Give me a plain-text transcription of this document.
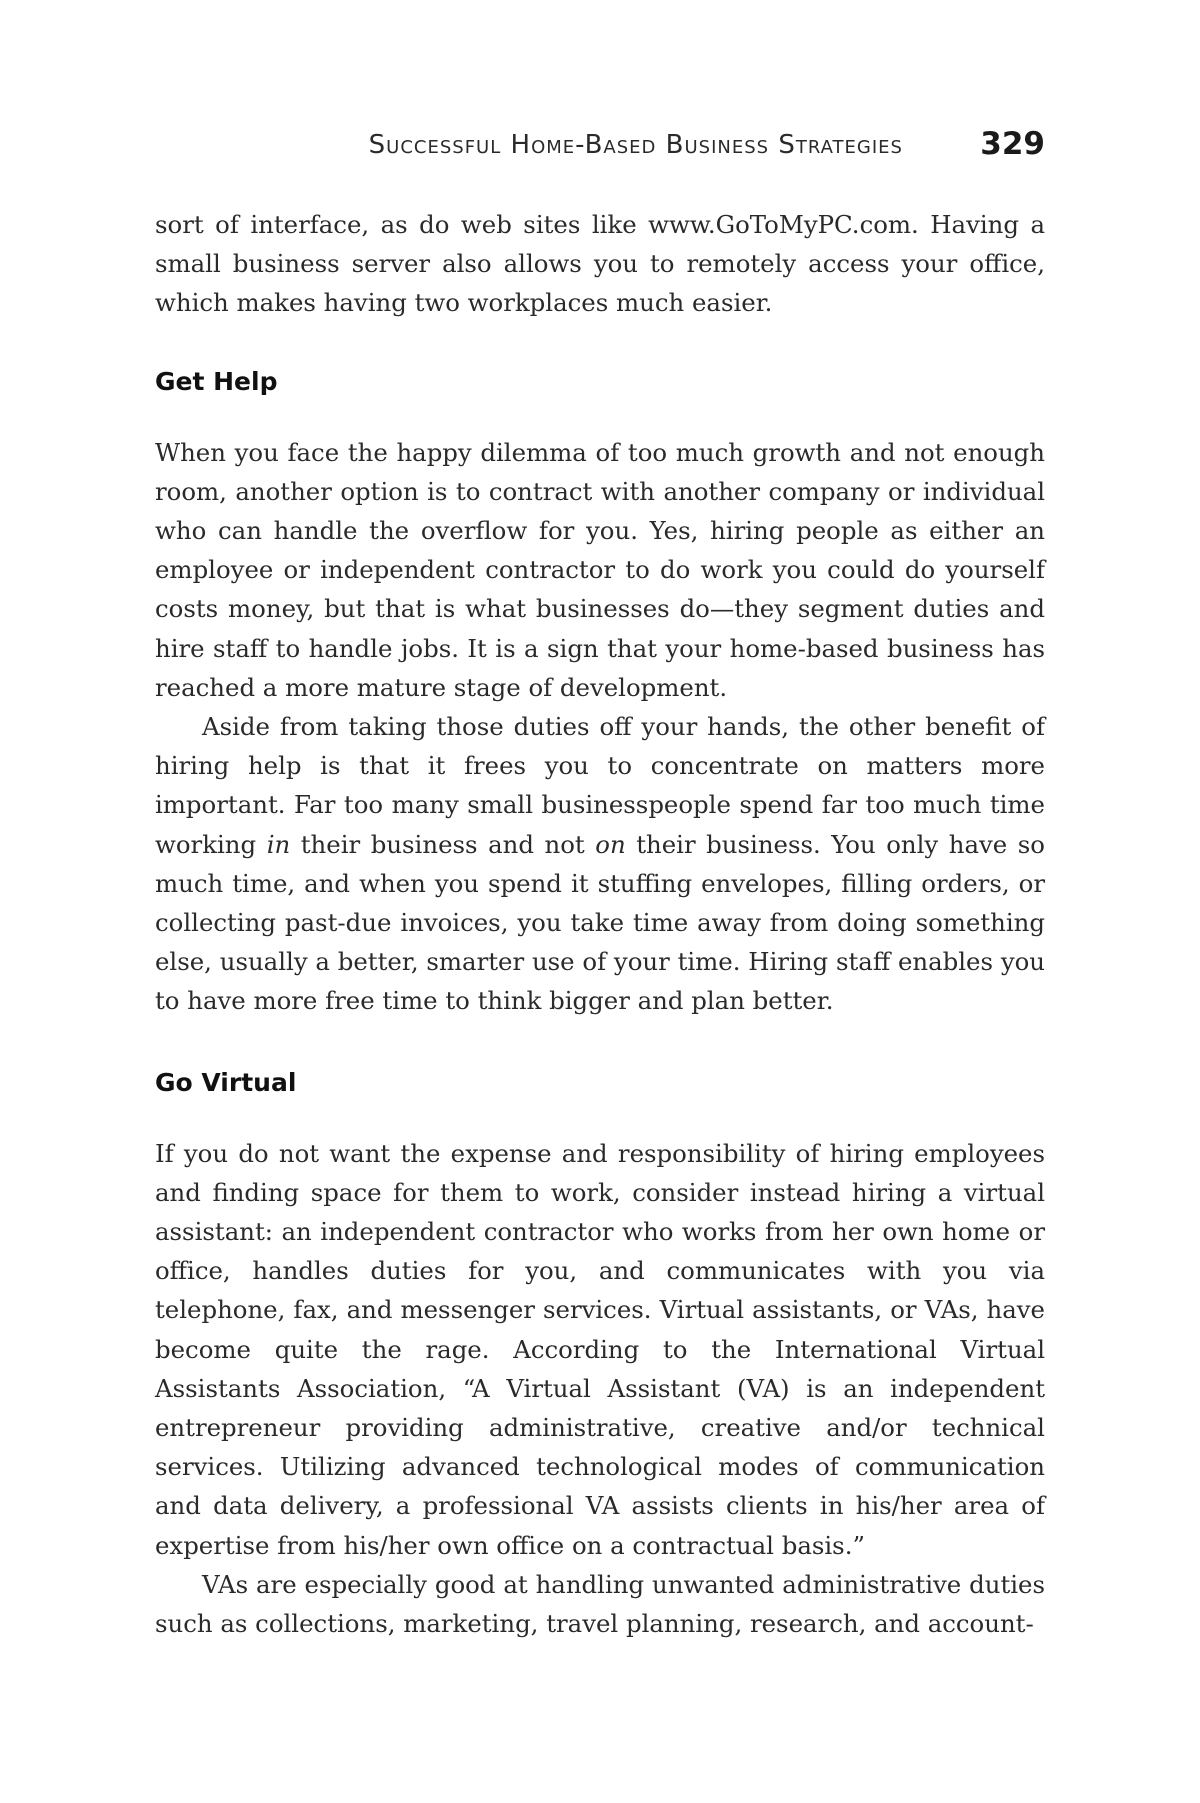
Successful Home-Based Business Strategies 329

sort of interface, as do web sites like www.GoToMyPC.com. Having a small business server also allows you to remotely access your office, which makes having two workplaces much easier.

Get Help

When you face the happy dilemma of too much growth and not enough room, another option is to contract with another company or individual who can handle the overflow for you. Yes, hiring people as either an employee or independent contractor to do work you could do yourself costs money, but that is what businesses do—they segment duties and hire staff to handle jobs. It is a sign that your home-based business has reached a more mature stage of development.

Aside from taking those duties off your hands, the other benefit of hiring help is that it frees you to concentrate on matters more important. Far too many small businesspeople spend far too much time working in their business and not on their business. You only have so much time, and when you spend it stuffing envelopes, filling orders, or collecting past-due invoices, you take time away from doing something else, usually a better, smarter use of your time. Hiring staff enables you to have more free time to think bigger and plan better.

Go Virtual

If you do not want the expense and responsibility of hiring employees and finding space for them to work, consider instead hiring a virtual assistant: an independent contractor who works from her own home or office, handles duties for you, and communicates with you via telephone, fax, and messenger services. Virtual assistants, or VAs, have become quite the rage. According to the International Virtual Assistants Association, “A Virtual Assistant (VA) is an independent entrepreneur providing administrative, creative and/or technical services. Utilizing advanced technological modes of communication and data delivery, a professional VA assists clients in his/her area of expertise from his/her own office on a contractual basis.”

VAs are especially good at handling unwanted administrative duties such as collections, marketing, travel planning, research, and account-
